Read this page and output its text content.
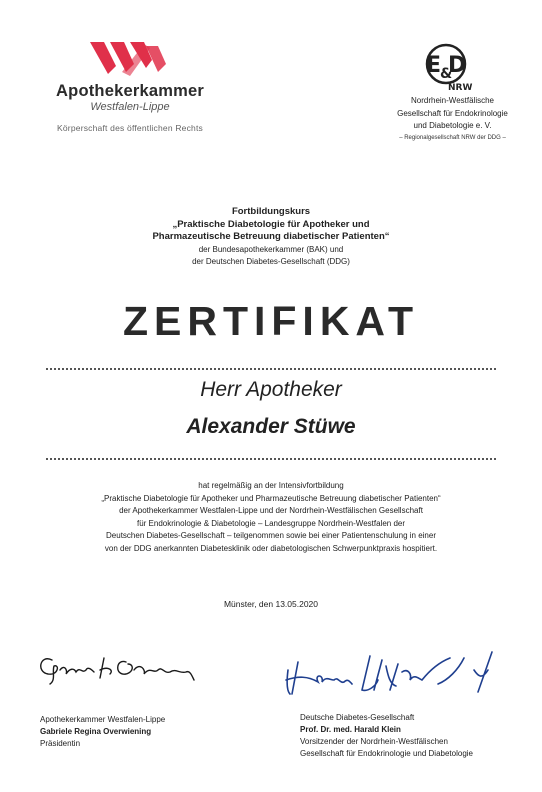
Apothekerkammer
Westfalen-Lippe
Körperschaft des öffentlichen Rechts
E D
&
NRW
Nordrhein-Westfälische
Gesellschaft für Endokrinologie
und Diabetologie e. V.
– Regionalgesellschaft NRW der DDG –
Fortbildungskurs
„Praktische Diabetologie für Apotheker und
Pharmazeutische Betreuung diabetischer Patienten“
der Bundesapothekerkammer (BAK) und
der Deutschen Diabetes-Gesellschaft (DDG)
ZERTIFIKAT
Herr Apotheker
Alexander Stüwe
hat regelmäßig an der Intensivfortbildung
„Praktische Diabetologie für Apotheker und Pharmazeutische Betreuung diabetischer Patienten“
der Apothekerkammer Westfalen-Lippe und der Nordrhein-Westfälischen Gesellschaft
für Endokrinologie & Diabetologie – Landesgruppe Nordrhein-Westfalen der
Deutschen Diabetes-Gesellschaft – teilgenommen sowie bei einer Patientenschulung in einer
von der DDG anerkannten Diabetesklinik oder diabetologischen Schwerpunktpraxis hospitiert.
Münster, den 13.05.2020
Apothekerkammer Westfalen-Lippe
Gabriele Regina Overwiening
Präsidentin
Deutsche Diabetes-Gesellschaft
Prof. Dr. med. Harald Klein
Vorsitzender der Nordrhein-Westfälischen
Gesellschaft für Endokrinologie und Diabetologie
